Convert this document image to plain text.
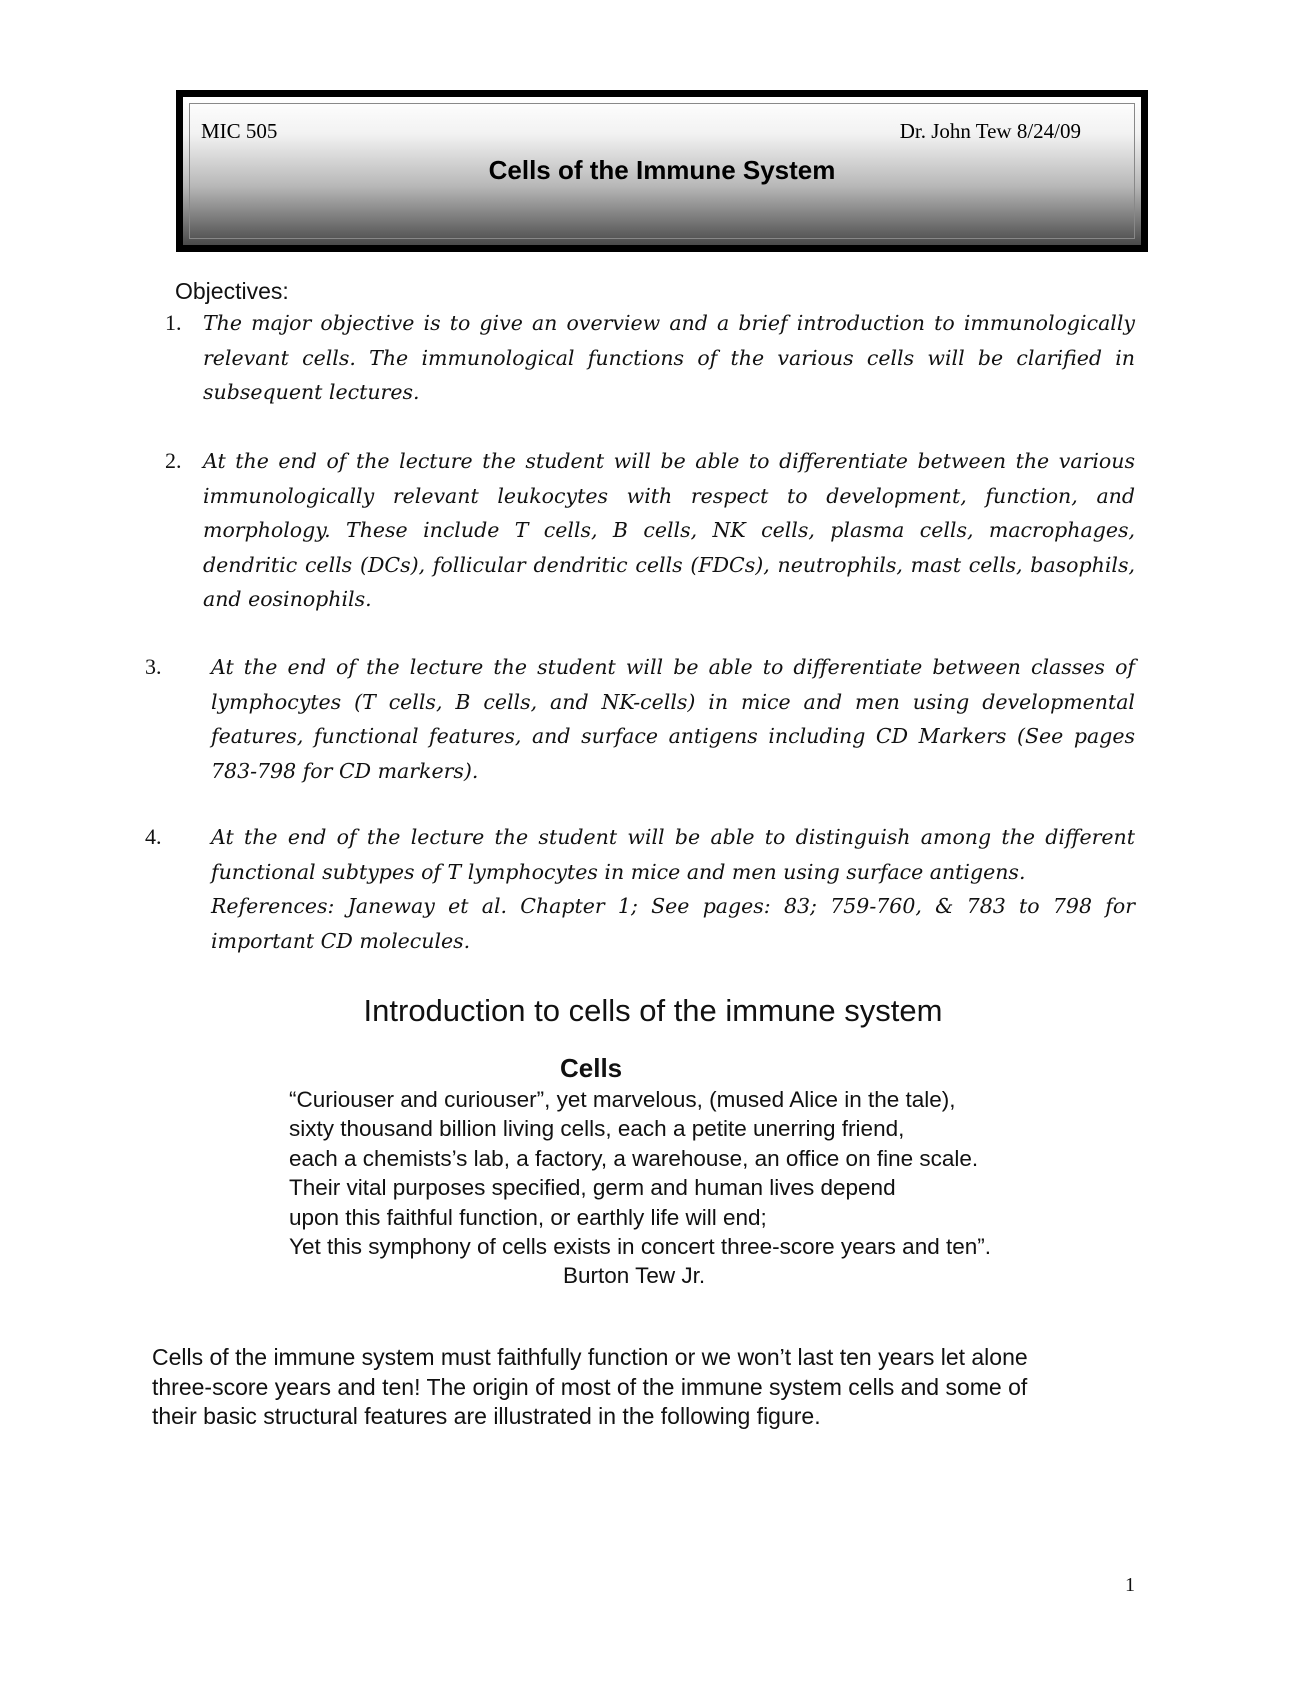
MIC 505	Dr. John Tew 8/24/09
Cells of the Immune System
Objectives:
1. The major objective is to give an overview and a brief introduction to immunologically relevant cells. The immunological functions of the various cells will be clarified in subsequent lectures.

2. At the end of the lecture the student will be able to differentiate between the various immunologically relevant leukocytes with respect to development, function, and morphology. These include T cells, B cells, NK cells, plasma cells, macrophages, dendritic cells (DCs), follicular dendritic cells (FDCs), neutrophils, mast cells, basophils, and eosinophils.

3. At the end of the lecture the student will be able to differentiate between classes of lymphocytes (T cells, B cells, and NK-cells) in mice and men using developmental features, functional features, and surface antigens including CD Markers (See pages 783-798 for CD markers).

4. At the end of the lecture the student will be able to distinguish among the different functional subtypes of T lymphocytes in mice and men using surface antigens.

References: Janeway et al. Chapter 1; See pages: 83; 759-760, & 783 to 798 for important CD molecules.

Introduction to cells of the immune system
Cells
“Curiouser and curiouser”, yet marvelous, (mused Alice in the tale),
sixty thousand billion living cells, each a petite unerring friend,
each a chemists’s lab, a factory, a warehouse, an office on fine scale.
Their vital purposes specified, germ and human lives depend
upon this faithful function, or earthly life will end;
Yet this symphony of cells exists in concert three-score years and ten”.
Burton Tew Jr.
Cells of the immune system must faithfully function or we won’t last ten years let alone
three-score years and ten! The origin of most of the immune system cells and some of
their basic structural features are illustrated in the following figure.
1
